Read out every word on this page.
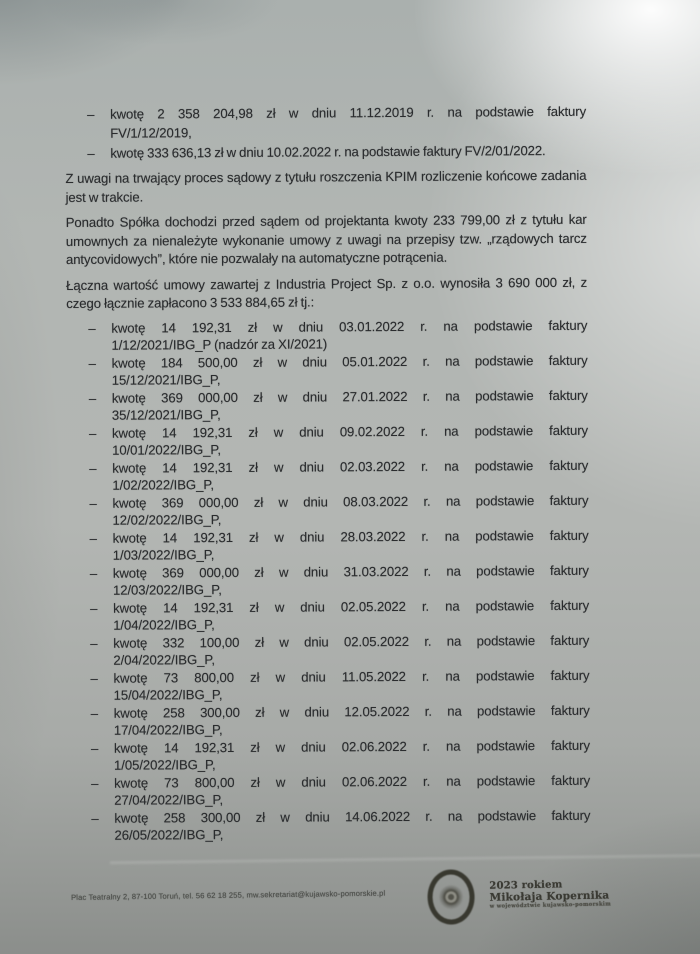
– kwotę 2 358 204,98 zł w dniu 11.12.2019 r. na podstawie faktury
FV/1/12/2019,
– kwotę 333 636,13 zł w dniu 10.02.2022 r. na podstawie faktury FV/2/01/2022.

Z uwagi na trwający proces sądowy z tytułu roszczenia KPIM rozliczenie końcowe zadania jest w trakcie.

Ponadto Spółka dochodzi przed sądem od projektanta kwoty 233 799,00 zł z tytułu kar umownych za nienależyte wykonanie umowy z uwagi na przepisy tzw. „rządowych tarcz antycovidowych”, które nie pozwalały na automatyczne potrącenia.

Łączna wartość umowy zawartej z Industria Project Sp. z o.o. wynosiła 3 690 000 zł, z czego łącznie zapłacono 3 533 884,65 zł tj.:

– kwotę 14 192,31 zł w dniu 03.01.2022 r. na podstawie faktury
1/12/2021/IBG_P (nadzór za XI/2021)
– kwotę 184 500,00 zł w dniu 05.01.2022 r. na podstawie faktury
15/12/2021/IBG_P,
– kwotę 369 000,00 zł w dniu 27.01.2022 r. na podstawie faktury
35/12/2021/IBG_P,
– kwotę 14 192,31 zł w dniu 09.02.2022 r. na podstawie faktury
10/01/2022/IBG_P,
– kwotę 14 192,31 zł w dniu 02.03.2022 r. na podstawie faktury
1/02/2022/IBG_P,
– kwotę 369 000,00 zł w dniu 08.03.2022 r. na podstawie faktury
12/02/2022/IBG_P,
– kwotę 14 192,31 zł w dniu 28.03.2022 r. na podstawie faktury
1/03/2022/IBG_P,
– kwotę 369 000,00 zł w dniu 31.03.2022 r. na podstawie faktury
12/03/2022/IBG_P,
– kwotę 14 192,31 zł w dniu 02.05.2022 r. na podstawie faktury
1/04/2022/IBG_P,
– kwotę 332 100,00 zł w dniu 02.05.2022 r. na podstawie faktury
2/04/2022/IBG_P,
– kwotę 73 800,00 zł w dniu 11.05.2022 r. na podstawie faktury
15/04/2022/IBG_P,
– kwotę 258 300,00 zł w dniu 12.05.2022 r. na podstawie faktury
17/04/2022/IBG_P,
– kwotę 14 192,31 zł w dniu 02.06.2022 r. na podstawie faktury
1/05/2022/IBG_P,
– kwotę 73 800,00 zł w dniu 02.06.2022 r. na podstawie faktury
27/04/2022/IBG_P,
– kwotę 258 300,00 zł w dniu 14.06.2022 r. na podstawie faktury
26/05/2022/IBG_P,
Plac Teatralny 2, 87-100 Toruń, tel. 56 62 18 255, mw.sekretariat@kujawsko-pomorskie.pl
2023 rokiem
Mikołaja Kopernika
w województwie kujawsko-pomorskim
